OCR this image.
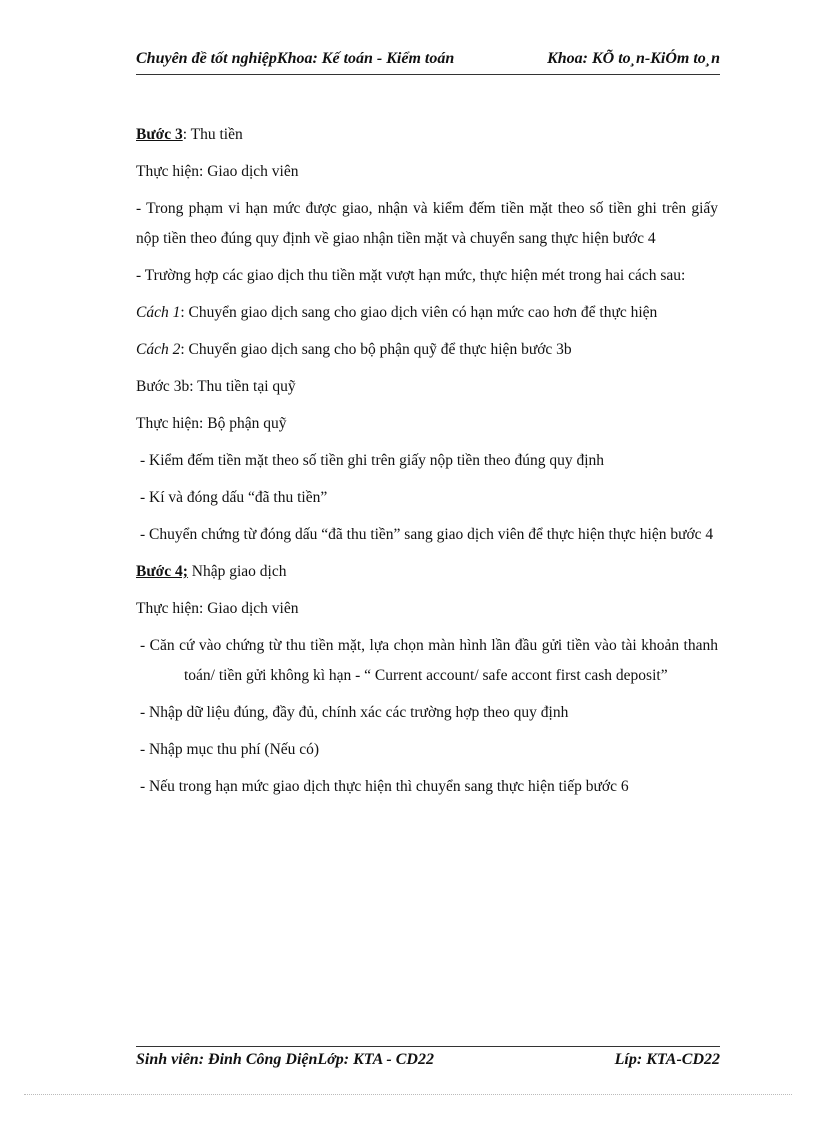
Chuyên đề tốt nghiệpKhoa: Kế toán - Kiểm toán	Khoa: KÕ to¸n-KiÓm to¸n

Bước 3: Thu tiền

Thực hiện: Giao dịch viên

- Trong phạm vi hạn mức được giao, nhận và kiểm đếm tiền mặt theo số tiền ghi trên giấy nộp tiền theo đúng quy định về giao nhận tiền mặt và chuyển sang thực hiện bước 4

- Trường hợp các giao dịch thu tiền mặt vượt hạn mức, thực hiện mét trong hai cách sau:

Cách 1: Chuyển giao dịch sang cho giao dịch viên có hạn mức cao hơn để thực hiện

Cách 2: Chuyển giao dịch sang cho bộ phận quỹ để thực hiện bước 3b

Bước 3b: Thu tiền tại quỹ

Thực hiện: Bộ phận quỹ

- Kiểm đếm tiền mặt theo số tiền ghi trên giấy nộp tiền theo đúng quy định

- Kí và đóng dấu “đã thu tiền”

- Chuyển chứng từ đóng dấu “đã thu tiền” sang giao dịch viên để thực hiện thực hiện bước 4

Bước 4; Nhập giao dịch

Thực hiện: Giao dịch viên

- Căn cứ vào chứng từ thu tiền mặt, lựa chọn màn hình lần đầu gửi tiền vào tài khoản thanh toán/ tiền gửi không kì hạn - “ Current account/ safe accont first cash deposit”

- Nhập dữ liệu đúng, đầy đủ, chính xác các trường hợp theo quy định

- Nhập mục thu phí (Nếu có)

- Nếu trong hạn mức giao dịch thực hiện thì chuyển sang thực hiện tiếp bước 6

Sinh viên: Đinh Công DiệnLớp: KTA - CD22	Líp: KTA-CD22
